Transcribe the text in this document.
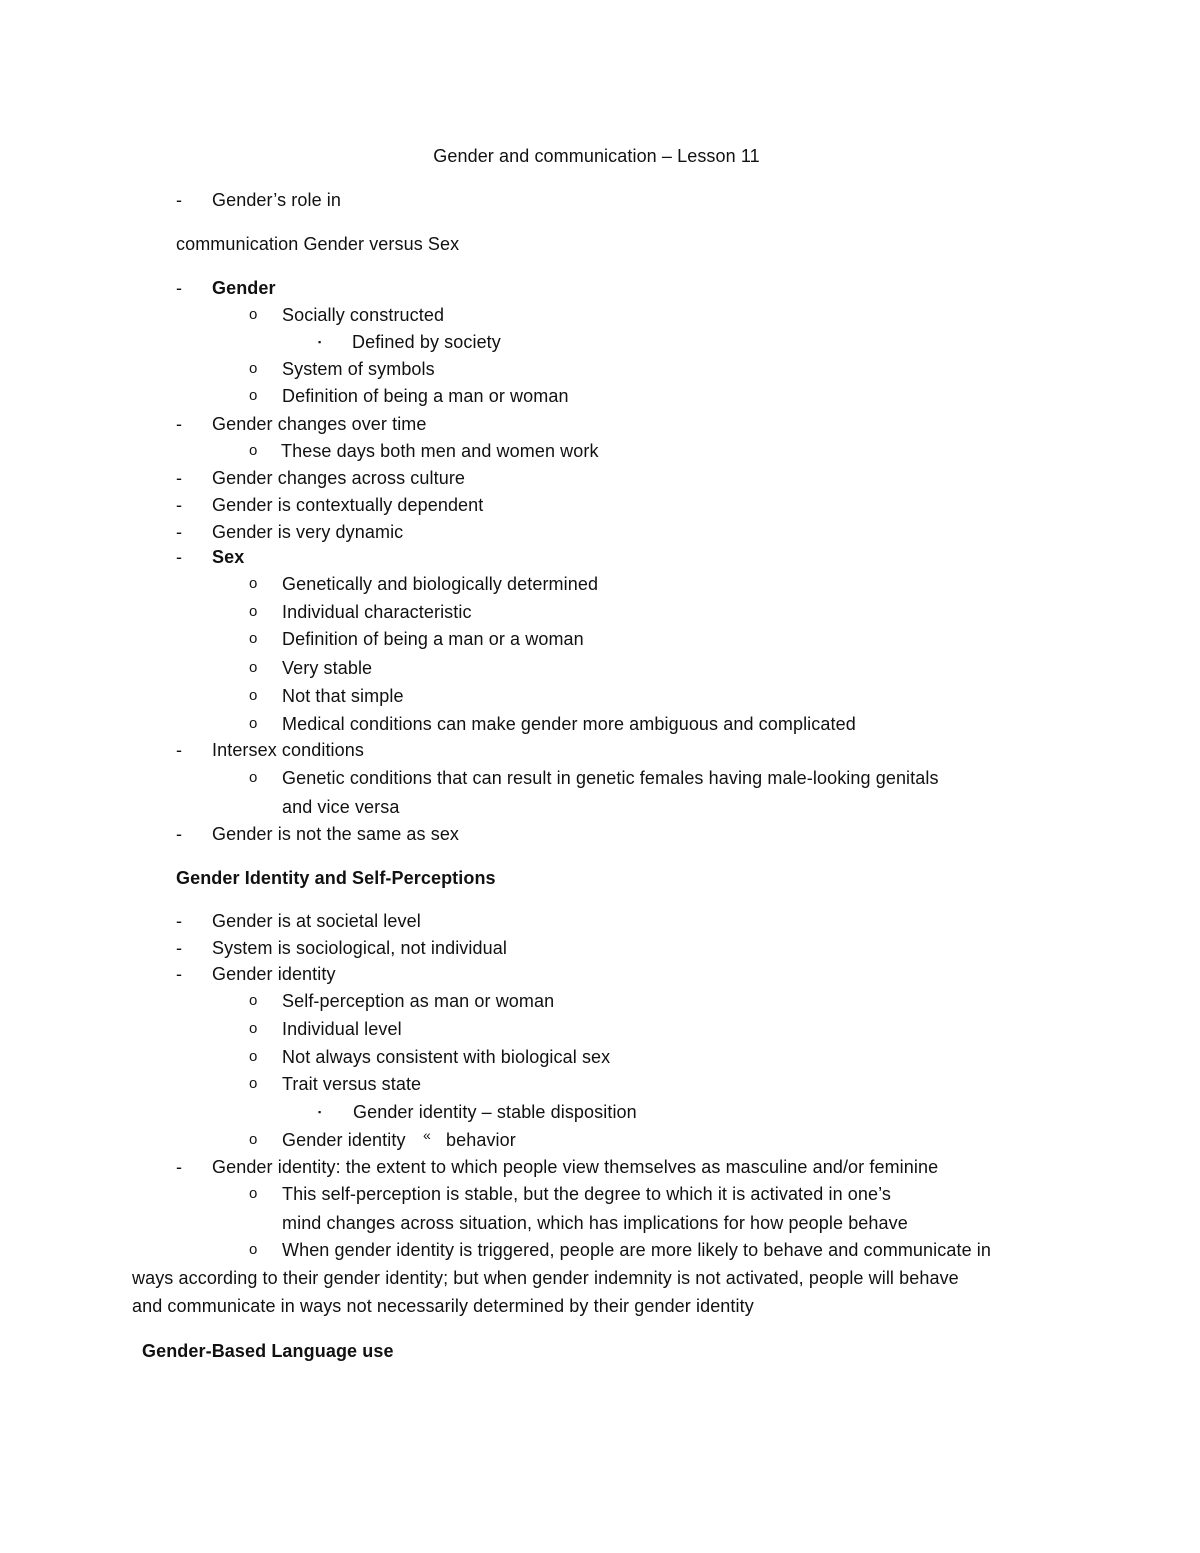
Gender and communication – Lesson 11
- Gender’s role in
communication Gender versus Sex
- Gender
o Socially constructed
▪ Defined by society
o System of symbols
o Definition of being a man or woman
- Gender changes over time
o These days both men and women work
- Gender changes across culture
- Gender is contextually dependent
- Gender is very dynamic
- Sex
o Genetically and biologically determined
o Individual characteristic
o Definition of being a man or a woman
o Very stable
o Not that simple
o Medical conditions can make gender more ambiguous and complicated
- Intersex conditions
o Genetic conditions that can result in genetic females having male-looking genitals
and vice versa
- Gender is not the same as sex
Gender Identity and Self-Perceptions
- Gender is at societal level
- System is sociological, not individual
- Gender identity
o Self-perception as man or woman
o Individual level
o Not always consistent with biological sex
o Trait versus state
▪ Gender identity – stable disposition
o Gender identity « behavior
- Gender identity: the extent to which people view themselves as masculine and/or feminine
o This self-perception is stable, but the degree to which it is activated in one’s
mind changes across situation, which has implications for how people behave
o When gender identity is triggered, people are more likely to behave and communicate in
ways according to their gender identity; but when gender indemnity is not activated, people will behave
and communicate in ways not necessarily determined by their gender identity
Gender-Based Language use
